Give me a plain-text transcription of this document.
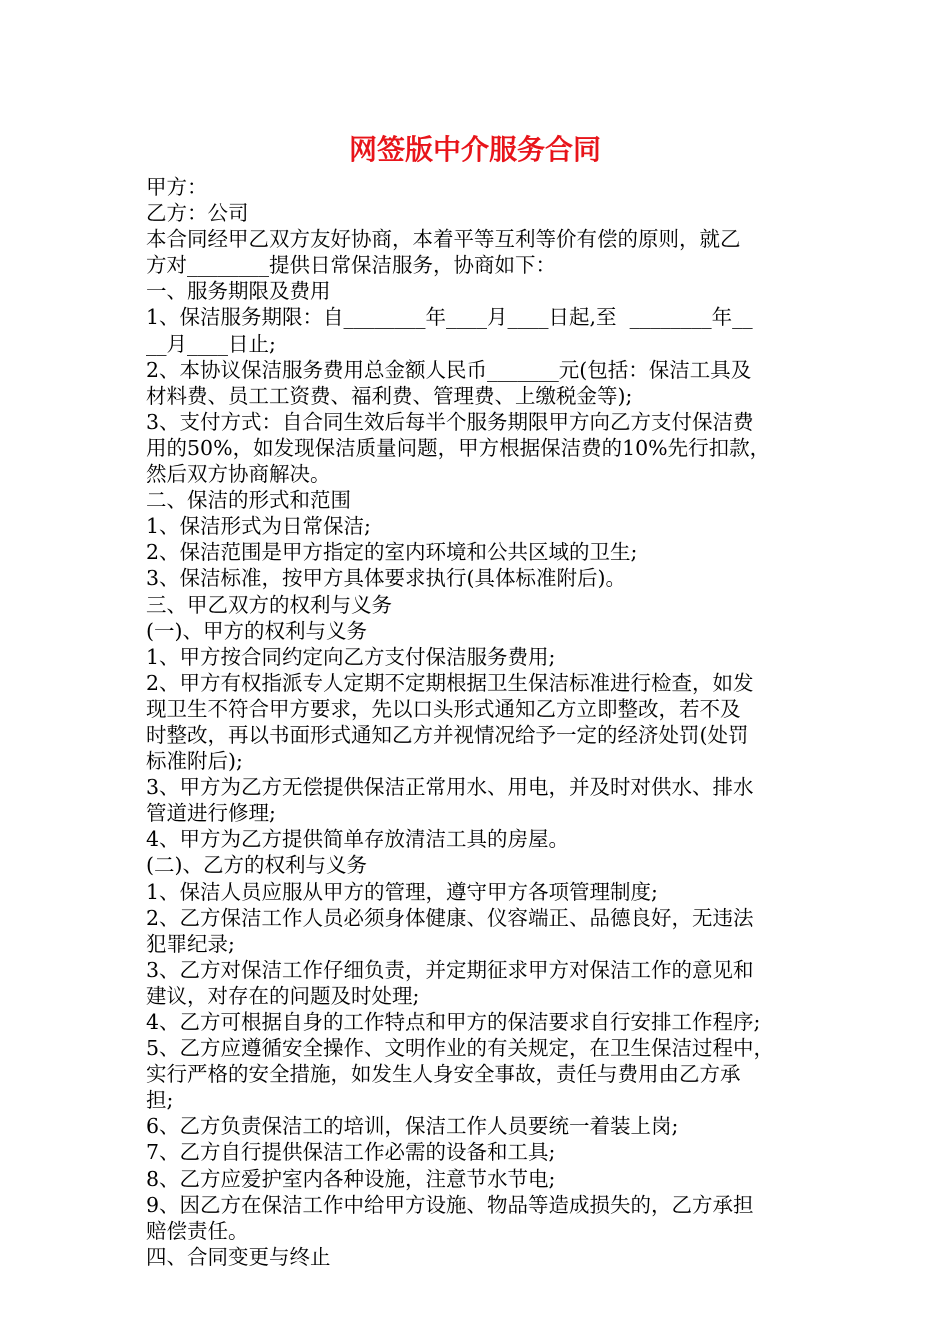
网签版中介服务合同
甲方：
乙方：公司
本合同经甲乙双方友好协商，本着平等互利等价有偿的原则，就乙
方对________提供日常保洁服务，协商如下：
一、服务期限及费用
1、保洁服务期限：自________年____月____日起,至  ________年__
__月____日止;
2、本协议保洁服务费用总金额人民币_______元(包括：保洁工具及
材料费、员工工资费、福利费、管理费、上缴税金等);
3、支付方式：自合同生效后每半个服务期限甲方向乙方支付保洁费
用的50%，如发现保洁质量问题，甲方根据保洁费的10%先行扣款，
然后双方协商解决。
二、保洁的形式和范围
1、保洁形式为日常保洁;
2、保洁范围是甲方指定的室内环境和公共区域的卫生;
3、保洁标准，按甲方具体要求执行(具体标准附后)。
三、甲乙双方的权利与义务
(一)、甲方的权利与义务
1、甲方按合同约定向乙方支付保洁服务费用;
2、甲方有权指派专人定期不定期根据卫生保洁标准进行检查，如发
现卫生不符合甲方要求，先以口头形式通知乙方立即整改，若不及
时整改，再以书面形式通知乙方并视情况给予一定的经济处罚(处罚
标准附后);
3、甲方为乙方无偿提供保洁正常用水、用电，并及时对供水、排水
管道进行修理;
4、甲方为乙方提供简单存放清洁工具的房屋。
(二)、乙方的权利与义务
1、保洁人员应服从甲方的管理，遵守甲方各项管理制度;
2、乙方保洁工作人员必须身体健康、仪容端正、品德良好，无违法
犯罪纪录;
3、乙方对保洁工作仔细负责，并定期征求甲方对保洁工作的意见和
建议，对存在的问题及时处理;
4、乙方可根据自身的工作特点和甲方的保洁要求自行安排工作程序;
5、乙方应遵循安全操作、文明作业的有关规定，在卫生保洁过程中，
实行严格的安全措施，如发生人身安全事故，责任与费用由乙方承
担;
6、乙方负责保洁工的培训，保洁工作人员要统一着装上岗;
7、乙方自行提供保洁工作必需的设备和工具;
8、乙方应爱护室内各种设施，注意节水节电;
9、因乙方在保洁工作中给甲方设施、物品等造成损失的，乙方承担
赔偿责任。
四、合同变更与终止
